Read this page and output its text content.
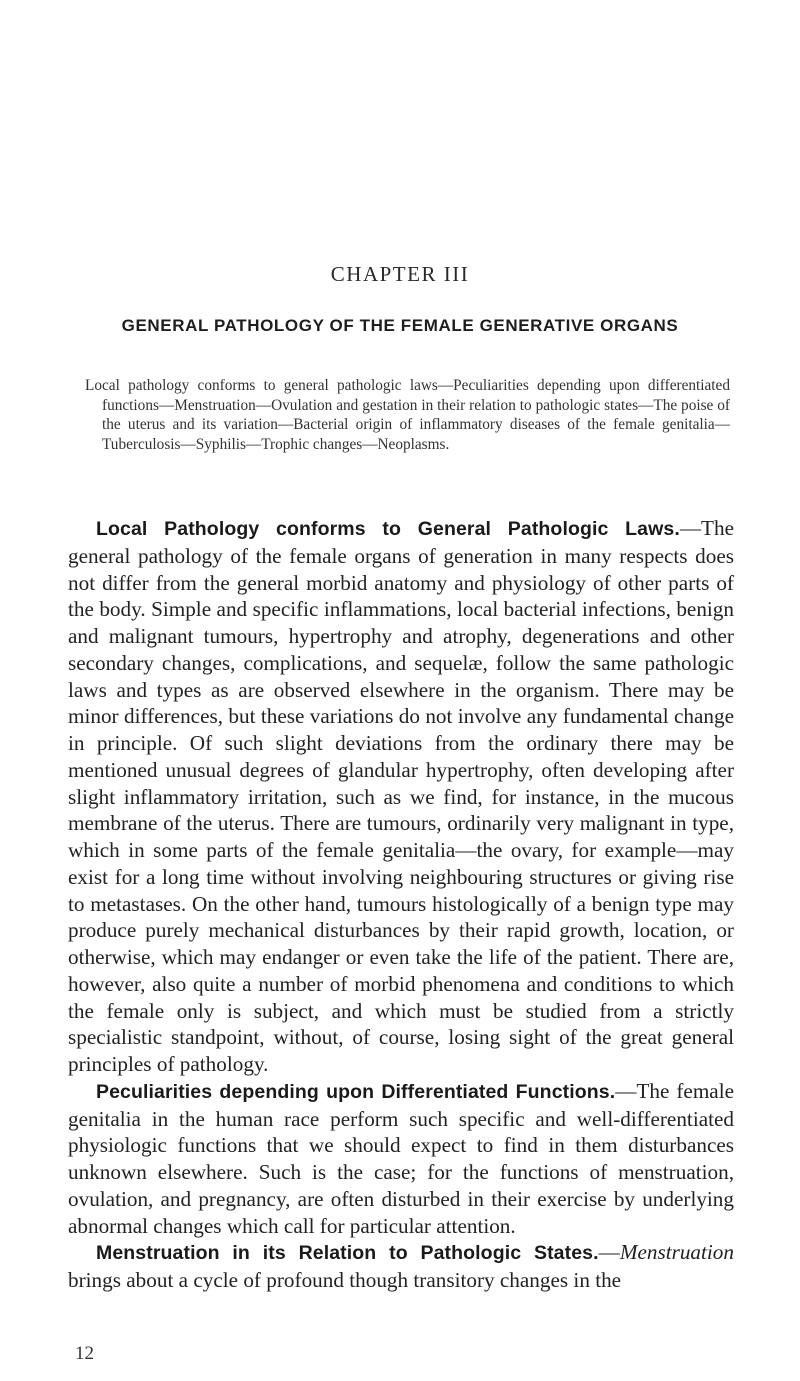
CHAPTER III
GENERAL PATHOLOGY OF THE FEMALE GENERATIVE ORGANS
Local pathology conforms to general pathologic laws—Peculiarities depending upon differentiated functions—Menstruation—Ovulation and gestation in their relation to pathologic states—The poise of the uterus and its variation—Bacterial origin of inflammatory diseases of the female genitalia—Tuberculosis—Syphilis—Trophic changes—Neoplasms.

Local Pathology conforms to General Pathologic Laws.—The general pathology of the female organs of generation in many respects does not differ from the general morbid anatomy and physiology of other parts of the body. Simple and specific inflammations, local bacterial infections, benign and malignant tumours, hypertrophy and atrophy, degenerations and other secondary changes, complications, and sequelæ, follow the same pathologic laws and types as are observed elsewhere in the organism. There may be minor differences, but these variations do not involve any fundamental change in principle. Of such slight deviations from the ordinary there may be mentioned unusual degrees of glandular hypertrophy, often developing after slight inflammatory irritation, such as we find, for instance, in the mucous membrane of the uterus. There are tumours, ordinarily very malignant in type, which in some parts of the female genitalia—the ovary, for example—may exist for a long time without involving neighbouring structures or giving rise to metastases. On the other hand, tumours histologically of a benign type may produce purely mechanical disturbances by their rapid growth, location, or otherwise, which may endanger or even take the life of the patient. There are, however, also quite a number of morbid phenomena and conditions to which the female only is subject, and which must be studied from a strictly specialistic standpoint, without, of course, losing sight of the great general principles of pathology.

Peculiarities depending upon Differentiated Functions.—The female genitalia in the human race perform such specific and well-differentiated physiologic functions that we should expect to find in them disturbances unknown elsewhere. Such is the case; for the functions of menstruation, ovulation, and pregnancy, are often disturbed in their exercise by underlying abnormal changes which call for particular attention.

Menstruation in its Relation to Pathologic States.—Menstruation brings about a cycle of profound though transitory changes in the

12
